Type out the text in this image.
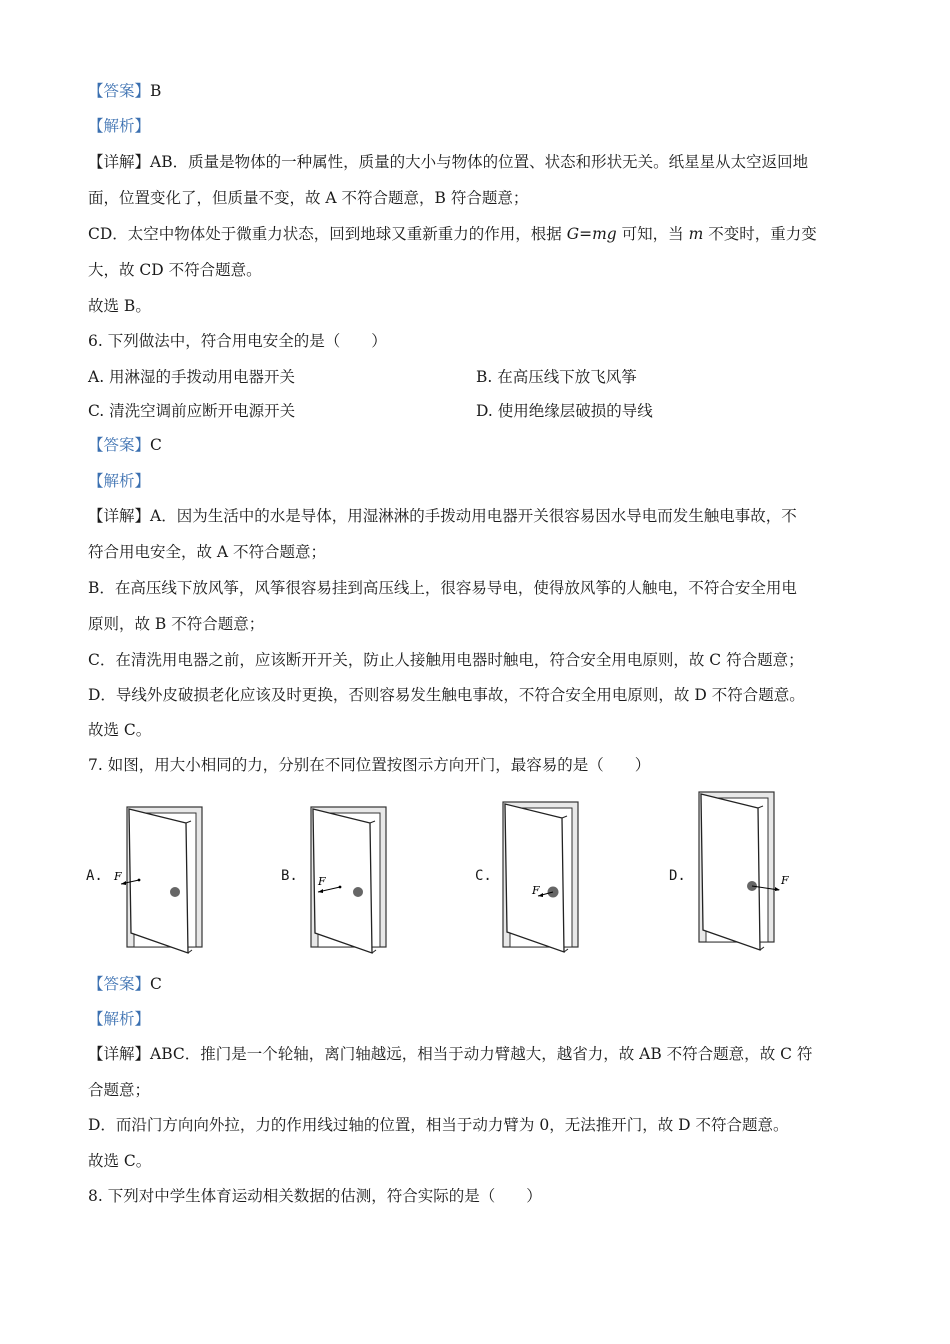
【答案】B
【解析】
【详解】AB．质量是物体的一种属性，质量的大小与物体的位置、状态和形状无关。纸星星从太空返回地
面，位置变化了，但质量不变，故 A 不符合题意，B 符合题意；
CD．太空中物体处于微重力状态，回到地球又重新重力的作用，根据 G=mg 可知，当 m 不变时，重力变
大，故 CD 不符合题意。
故选 B。
6. 下列做法中，符合用电安全的是（　　）
A. 用淋湿的手拨动用电器开关	B. 在高压线下放飞风筝
C. 清洗空调前应断开电源开关	D. 使用绝缘层破损的导线
【答案】C
【解析】
【详解】A．因为生活中的水是导体，用湿淋淋的手拨动用电器开关很容易因水导电而发生触电事故，不
符合用电安全，故 A 不符合题意；
B．在高压线下放风筝，风筝很容易挂到高压线上，很容易导电，使得放风筝的人触电，不符合安全用电
原则，故 B 不符合题意；
C．在清洗用电器之前，应该断开开关，防止人接触用电器时触电，符合安全用电原则，故 C 符合题意；
D．导线外皮破损老化应该及时更换，否则容易发生触电事故，不符合安全用电原则，故 D 不符合题意。
故选 C。
7. 如图，用大小相同的力，分别在不同位置按图示方向开门，最容易的是（　　）
A. F	B. F	C.
F
D.	F
【答案】C
【解析】
【详解】ABC．推门是一个轮轴，离门轴越远，相当于动力臂越大，越省力，故 AB 不符合题意，故 C 符
合题意；
D．而沿门方向向外拉，力的作用线过轴的位置，相当于动力臂为 0，无法推开门，故 D 不符合题意。
故选 C。
8. 下列对中学生体育运动相关数据的估测，符合实际的是（　　）
